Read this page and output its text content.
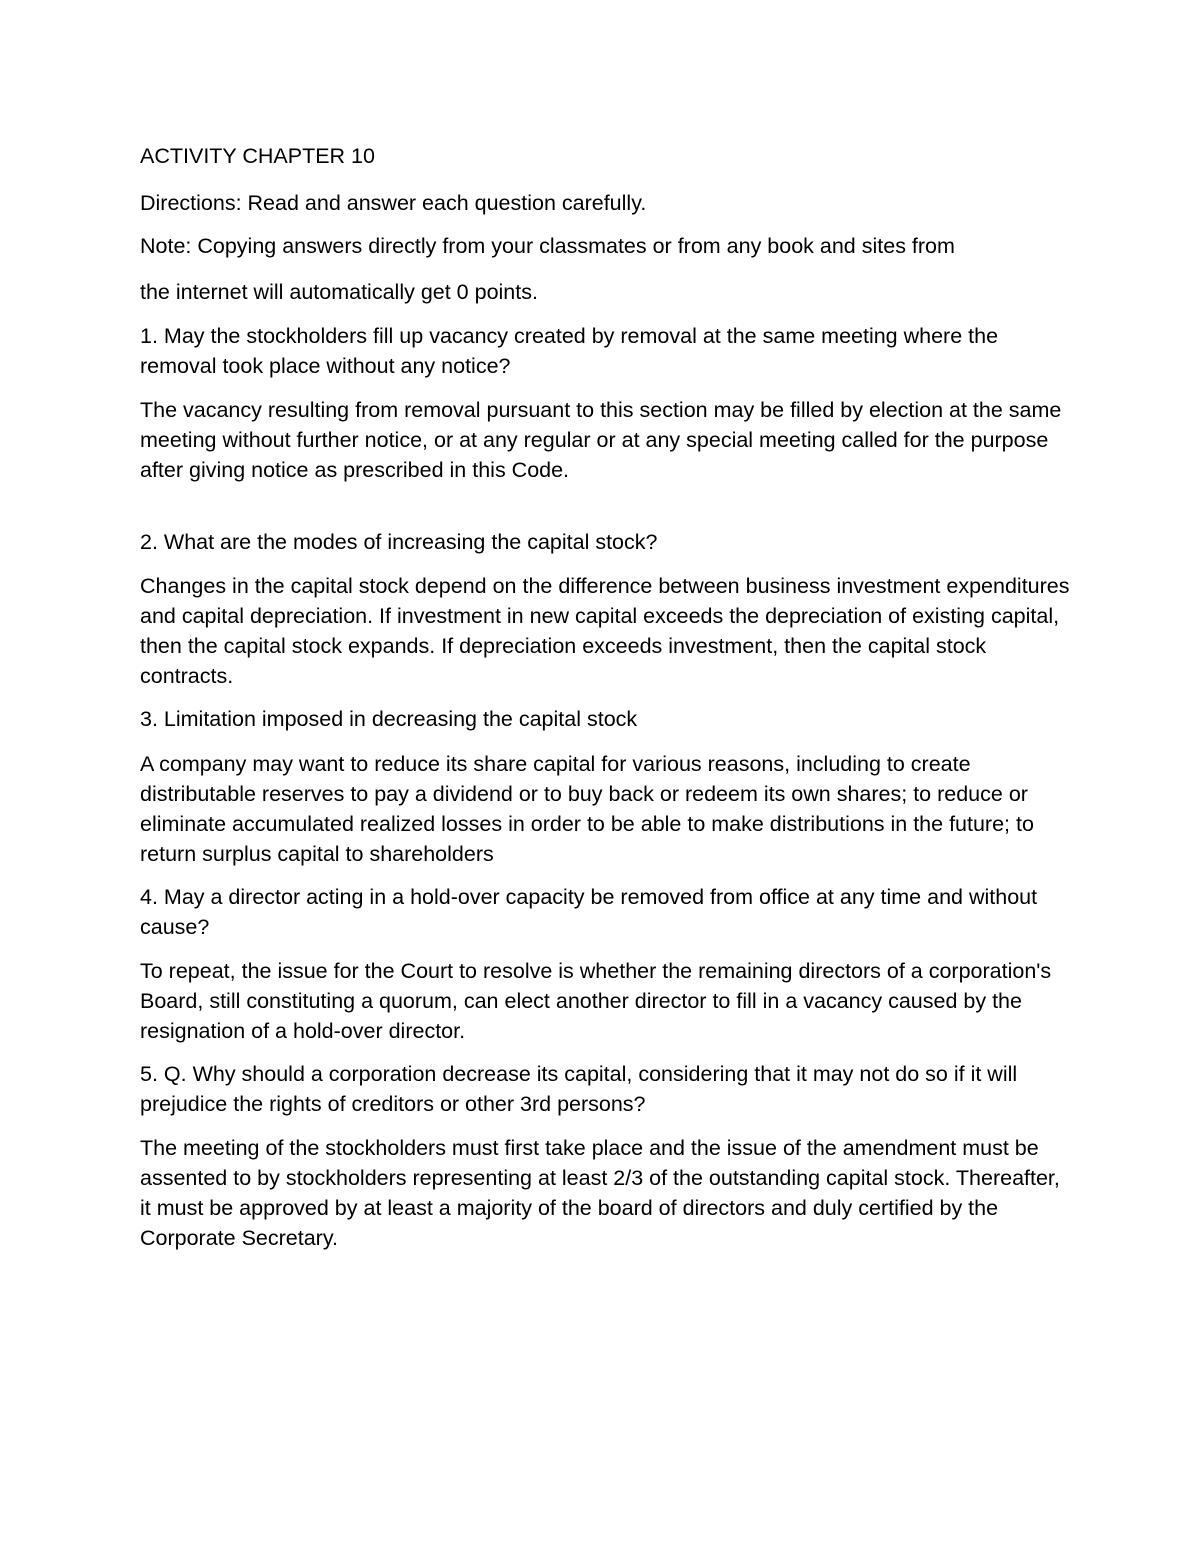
ACTIVITY CHAPTER 10

Directions: Read and answer each question carefully.

Note: Copying answers directly from your classmates or from any book and sites from

the internet will automatically get 0 points.

1. May the stockholders fill up vacancy created by removal at the same meeting where the removal took place without any notice?

The vacancy resulting from removal pursuant to this section may be filled by election at the same meeting without further notice, or at any regular or at any special meeting called for the purpose after giving notice as prescribed in this Code.

2. What are the modes of increasing the capital stock?

Changes in the capital stock depend on the difference between business investment expenditures and capital depreciation. If investment in new capital exceeds the depreciation of existing capital, then the capital stock expands. If depreciation exceeds investment, then the capital stock contracts.

3. Limitation imposed in decreasing the capital stock

A company may want to reduce its share capital for various reasons, including to create distributable reserves to pay a dividend or to buy back or redeem its own shares; to reduce or eliminate accumulated realized losses in order to be able to make distributions in the future; to return surplus capital to shareholders

4. May a director acting in a hold-over capacity be removed from office at any time and without cause?

To repeat, the issue for the Court to resolve is whether the remaining directors of a corporation's Board, still constituting a quorum, can elect another director to fill in a vacancy caused by the resignation of a hold-over director.

5. Q. Why should a corporation decrease its capital, considering that it may not do so if it will prejudice the rights of creditors or other 3rd persons?

The meeting of the stockholders must first take place and the issue of the amendment must be assented to by stockholders representing at least 2/3 of the outstanding capital stock. Thereafter, it must be approved by at least a majority of the board of directors and duly certified by the Corporate Secretary.
